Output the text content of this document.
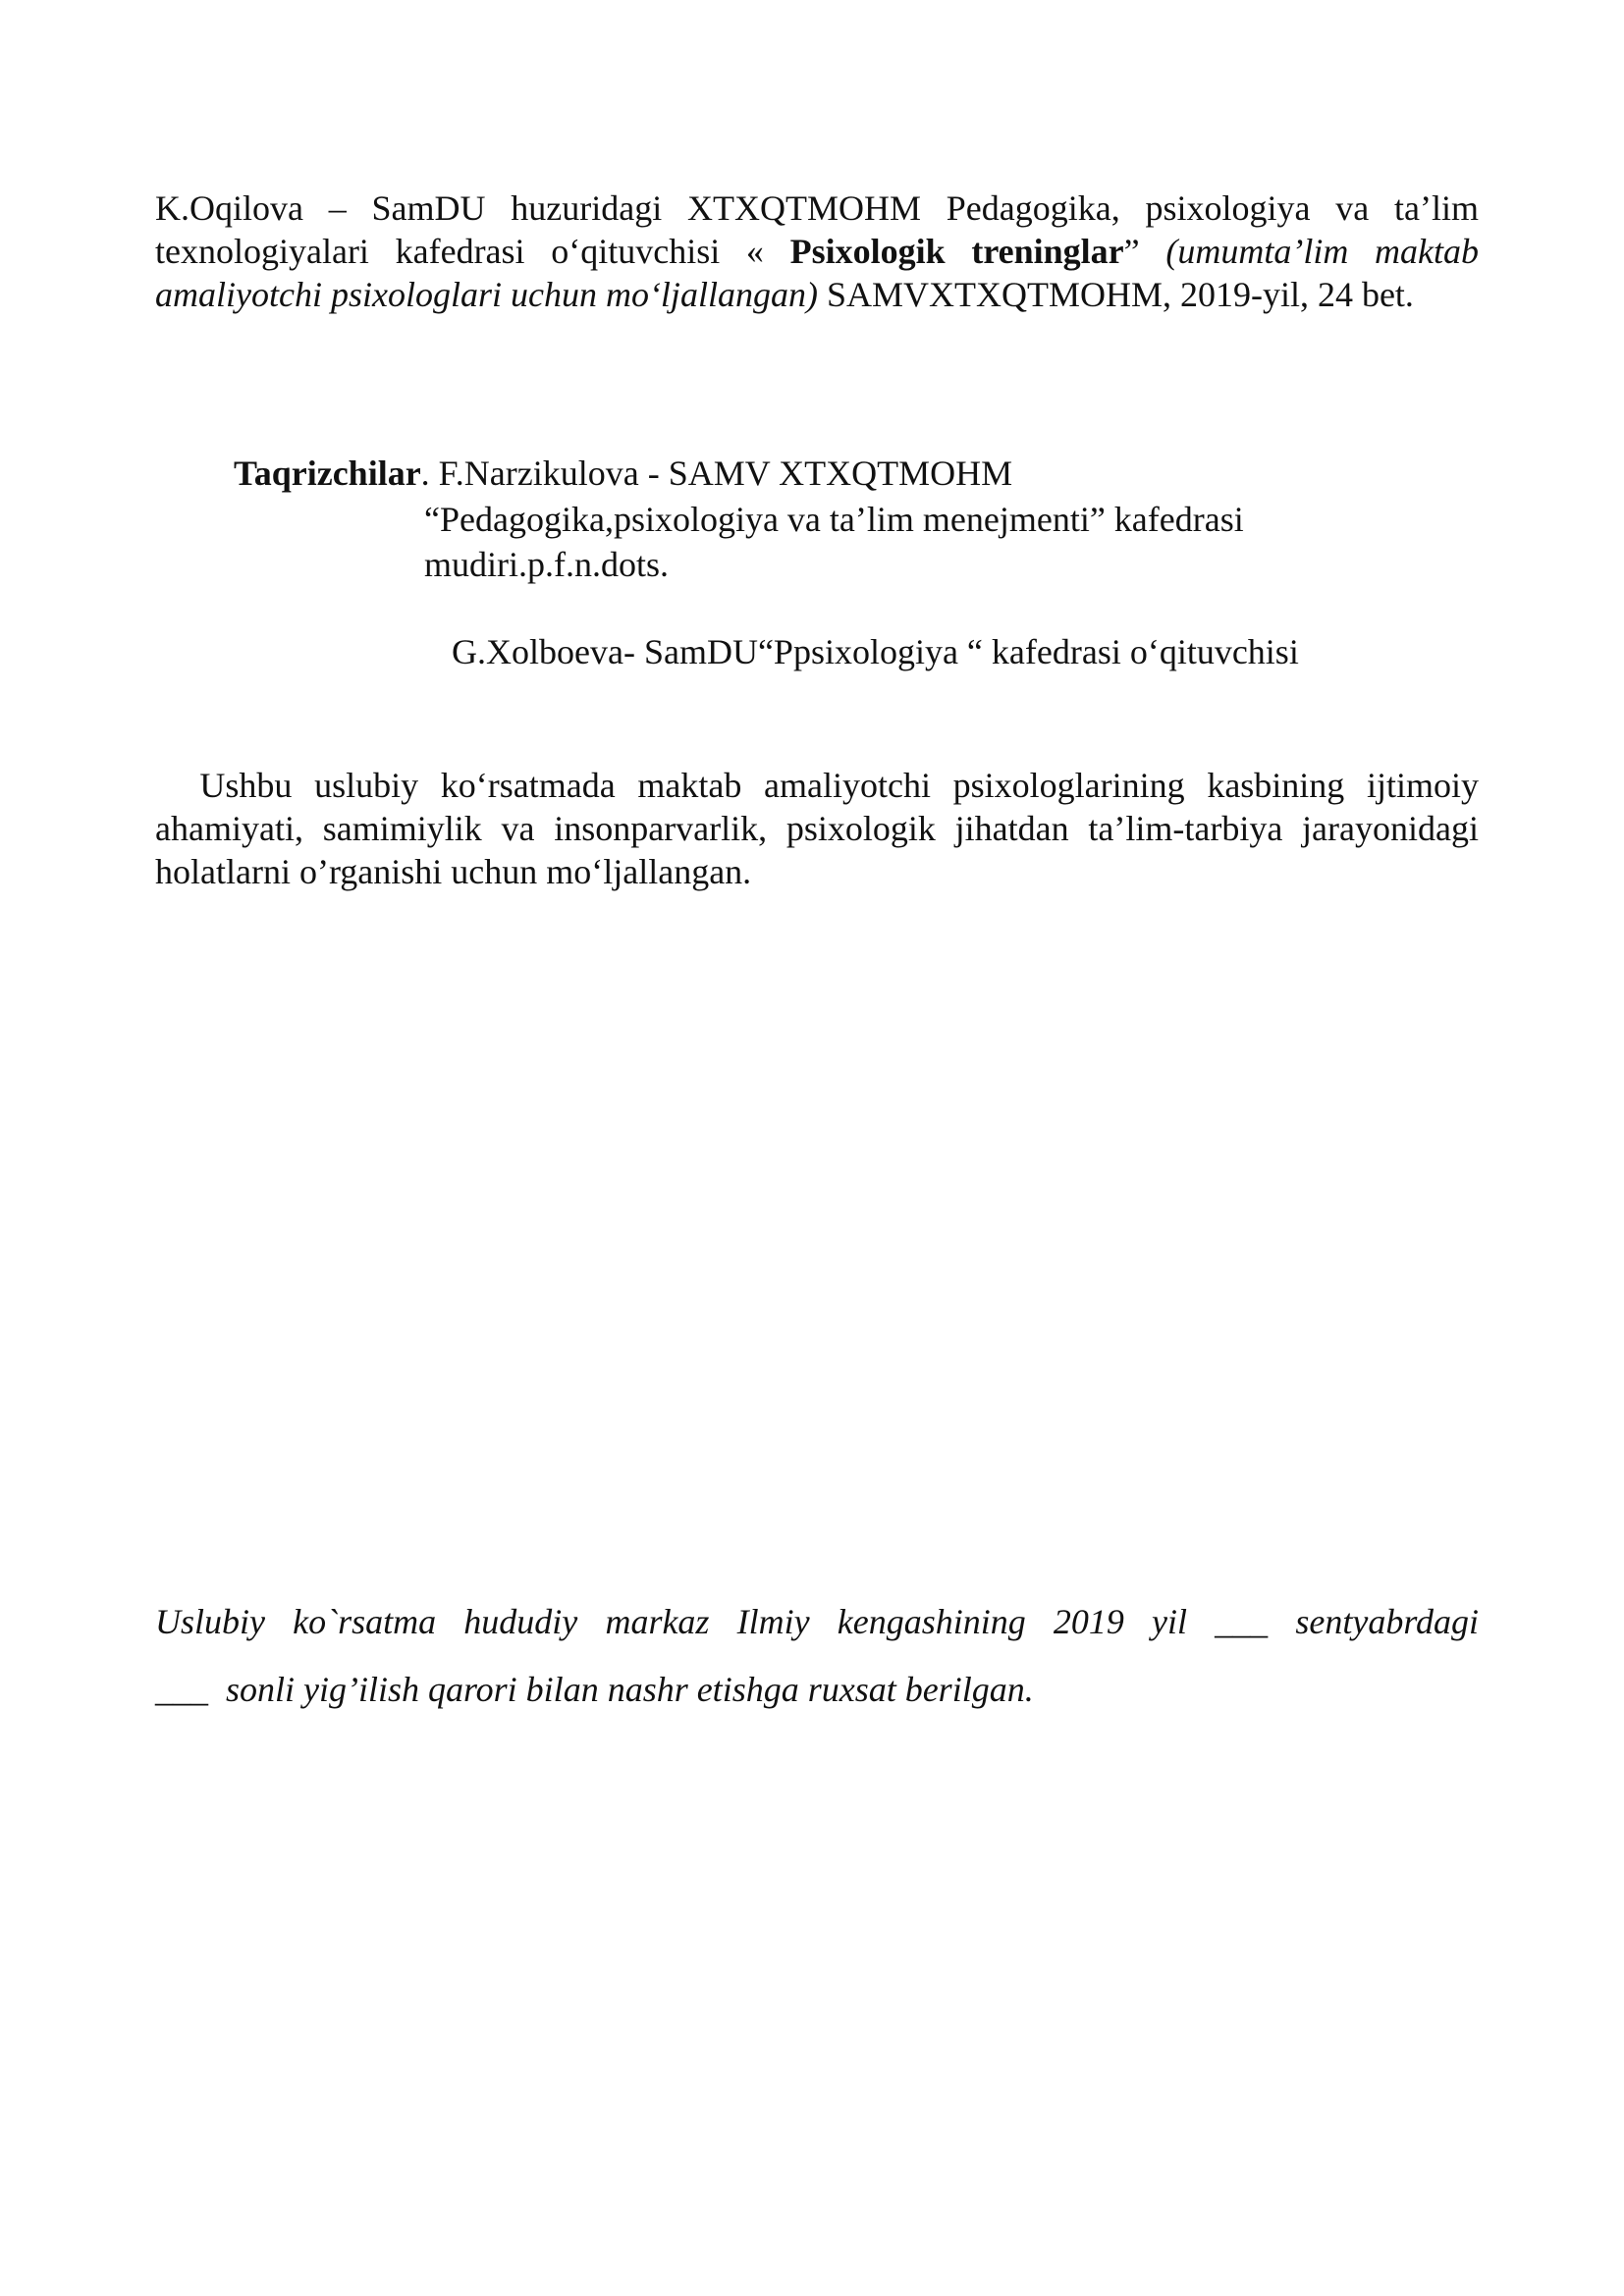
K.Oqilova – SamDU huzuridagi XTXQTMOHM Pedagogika, psixologiya va ta’lim texnologiyalari kafedrasi o‘qituvchisi « Psixologik treninglar” (umumta’lim maktab amaliyotchi psixologlari uchun mo‘ljallangan) SAMVXTXQTMOHM, 2019-yil, 24 bet.
Taqrizchilar. F.Narzikulova - SAMV XTXQTMOHM
“Pedagogika,psixologiya va ta’lim menejmenti” kafedrasi
mudiri.p.f.n.dots.
G.Xolboeva- SamDU“Ppsixologiya “ kafedrasi o‘qituvchisi
Ushbu uslubiy ko‘rsatmada maktab amaliyotchi psixologlarining kasbining ijtimoiy ahamiyati, samimiylik va insonparvarlik, psixologik jihatdan ta’lim-tarbiya jarayonidagi holatlarni o’rganishi uchun mo‘ljallangan.
Uslubiy ko`rsatma hududiy markaz Ilmiy kengashining 2019 yil ___ sentyabrdagi
___  sonli yig’ilish qarori bilan nashr etishga ruxsat berilgan.
